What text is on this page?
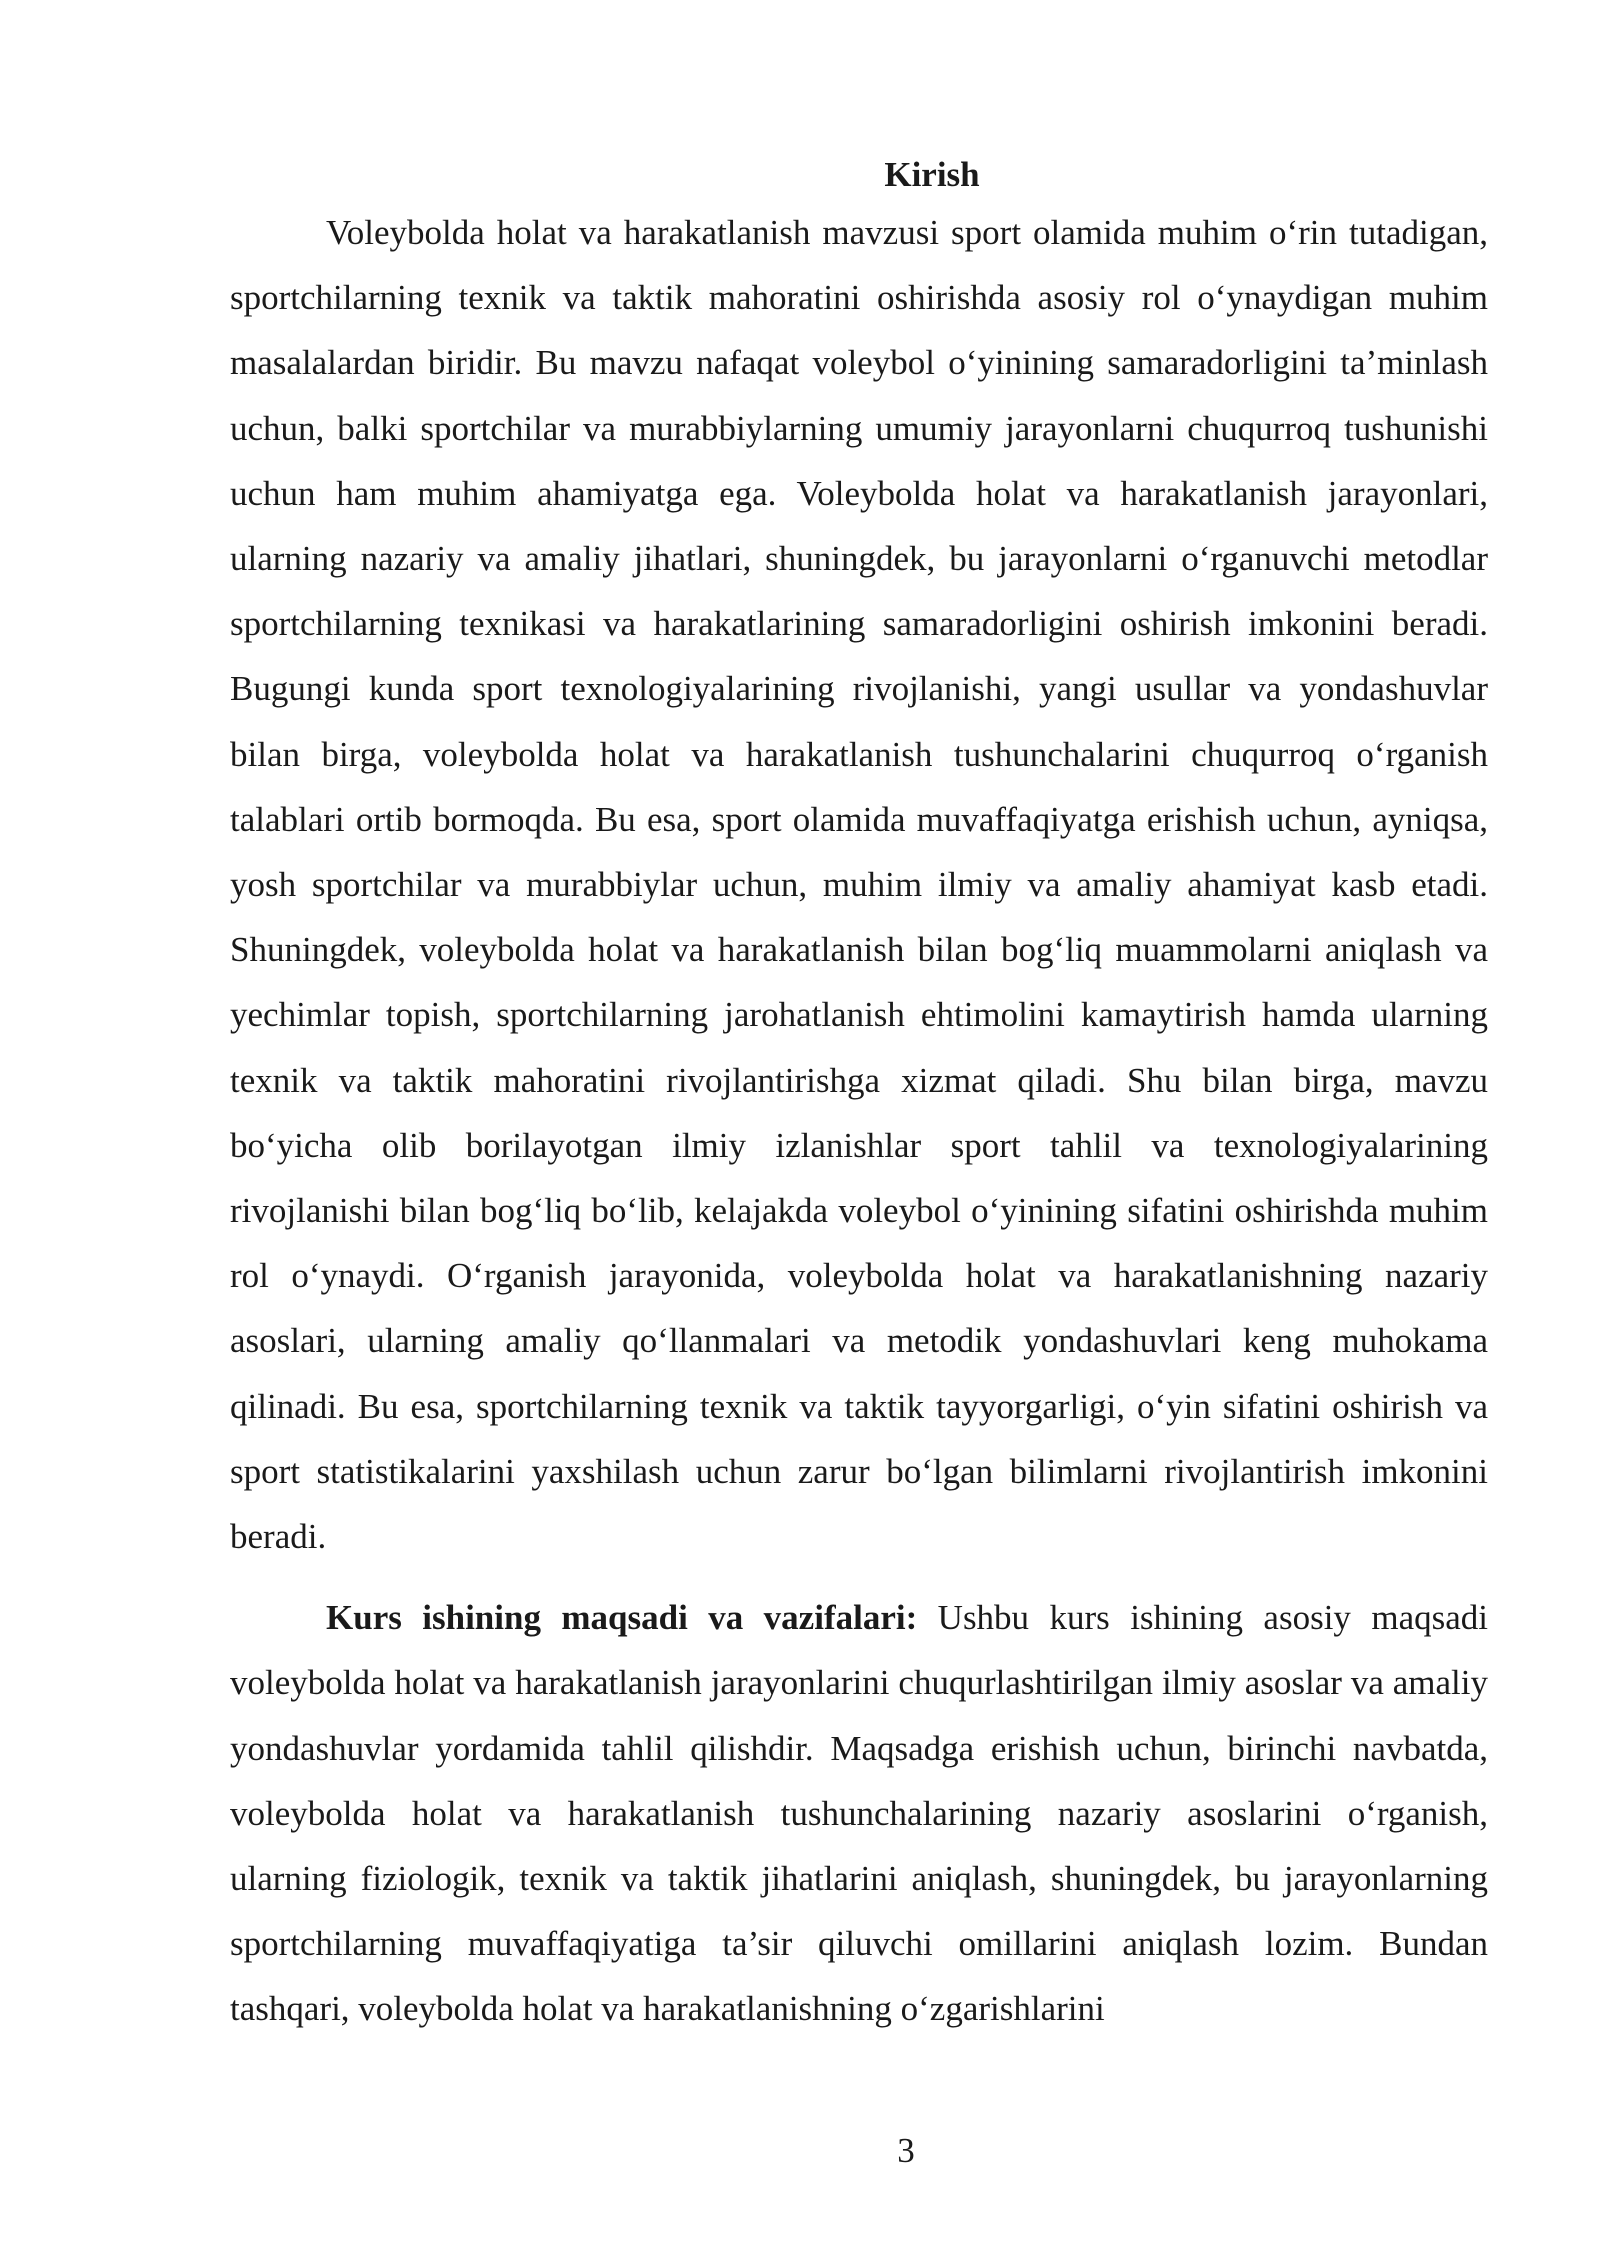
Kirish

Voleybolda holat va harakatlanish mavzusi sport olamida muhim o‘rin tutadigan, sportchilarning texnik va taktik mahoratini oshirishda asosiy rol o‘ynaydigan muhim masalalardan biridir. Bu mavzu nafaqat voleybol o‘yinining samaradorligini ta’minlash uchun, balki sportchilar va murabbiylarning umumiy jarayonlarni chuqurroq tushunishi uchun ham muhim ahamiyatga ega. Voleybolda holat va harakatlanish jarayonlari, ularning nazariy va amaliy jihatlari, shuningdek, bu jarayonlarni o‘rganuvchi metodlar sportchilarning texnikasi va harakatlarining samaradorligini oshirish imkonini beradi. Bugungi kunda sport texnologiyalarining rivojlanishi, yangi usullar va yondashuvlar bilan birga, voleybolda holat va harakatlanish tushunchalarini chuqurroq o‘rganish talablari ortib bormoqda. Bu esa, sport olamida muvaffaqiyatga erishish uchun, ayniqsa, yosh sportchilar va murabbiylar uchun, muhim ilmiy va amaliy ahamiyat kasb etadi. Shuningdek, voleybolda holat va harakatlanish bilan bog‘liq muammolarni aniqlash va yechimlar topish, sportchilarning jarohatlanish ehtimolini kamaytirish hamda ularning texnik va taktik mahoratini rivojlantirishga xizmat qiladi. Shu bilan birga, mavzu bo‘yicha olib borilayotgan ilmiy izlanishlar sport tahlil va texnologiyalarining rivojlanishi bilan bog‘liq bo‘lib, kelajakda voleybol o‘yinining sifatini oshirishda muhim rol o‘ynaydi. O‘rganish jarayonida, voleybolda holat va harakatlanishning nazariy asoslari, ularning amaliy qo‘llanmalari va metodik yondashuvlari keng muhokama qilinadi. Bu esa, sportchilarning texnik va taktik tayyorgarligi, o‘yin sifatini oshirish va sport statistikalarini yaxshilash uchun zarur bo‘lgan bilimlarni rivojlantirish imkonini beradi.

Kurs ishining maqsadi va vazifalari: Ushbu kurs ishining asosiy maqsadi voleybolda holat va harakatlanish jarayonlarini chuqurlashtirilgan ilmiy asoslar va amaliy yondashuvlar yordamida tahlil qilishdir. Maqsadga erishish uchun, birinchi navbatda, voleybolda holat va harakatlanish tushunchalarining nazariy asoslarini o‘rganish, ularning fiziologik, texnik va taktik jihatlarini aniqlash, shuningdek, bu jarayonlarning sportchilarning muvaffaqiyatiga ta’sir qiluvchi omillarini aniqlash lozim. Bundan tashqari, voleybolda holat va harakatlanishning o‘zgarishlarini

3
